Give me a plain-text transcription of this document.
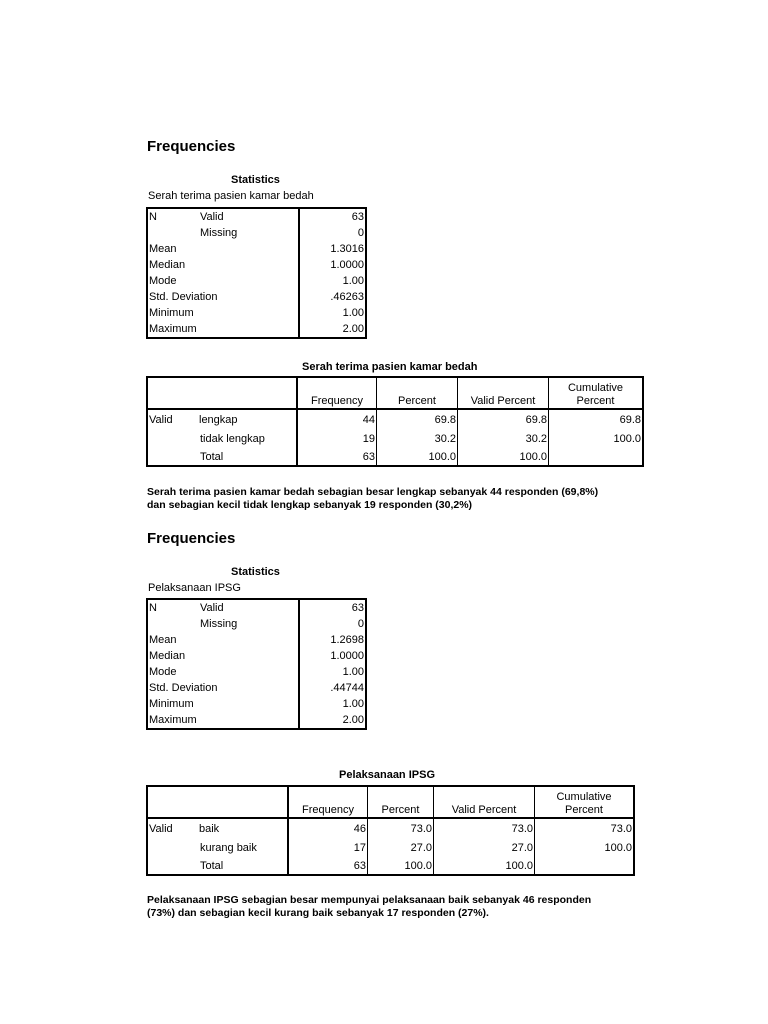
Frequencies
Statistics
Serah terima pasien kamar bedah
N Valid	63
Missing	0
Mean	1.3016
Median	1.0000
Mode	1.00
Std. Deviation	.46263
Minimum	1.00
Maximum	2.00
Serah terima pasien kamar bedah
	Frequency	Percent	Valid Percent	Cumulative
Percent

Valid lengkap	44	69.8	69.8	69.8
tidak lengkap	19	30.2	30.2	100.0
Total	63	100.0	100.0	
Serah terima pasien kamar bedah sebagian besar lengkap sebanyak 44 responden (69,8%)
dan sebagian kecil tidak lengkap sebanyak 19 responden (30,2%)
Frequencies
Statistics
Pelaksanaan IPSG
N Valid	63
Missing	0
Mean	1.2698
Median	1.0000
Mode	1.00
Std. Deviation	.44744
Minimum	1.00
Maximum	2.00
Pelaksanaan IPSG
	Frequency	Percent	Valid Percent	Cumulative
Percent

Valid baik	46	73.0	73.0	73.0
kurang baik	17	27.0	27.0	100.0
Total	63	100.0	100.0	
Pelaksanaan IPSG sebagian besar mempunyai pelaksanaan baik sebanyak 46 responden
(73%) dan sebagian kecil kurang baik sebanyak 17 responden (27%).
